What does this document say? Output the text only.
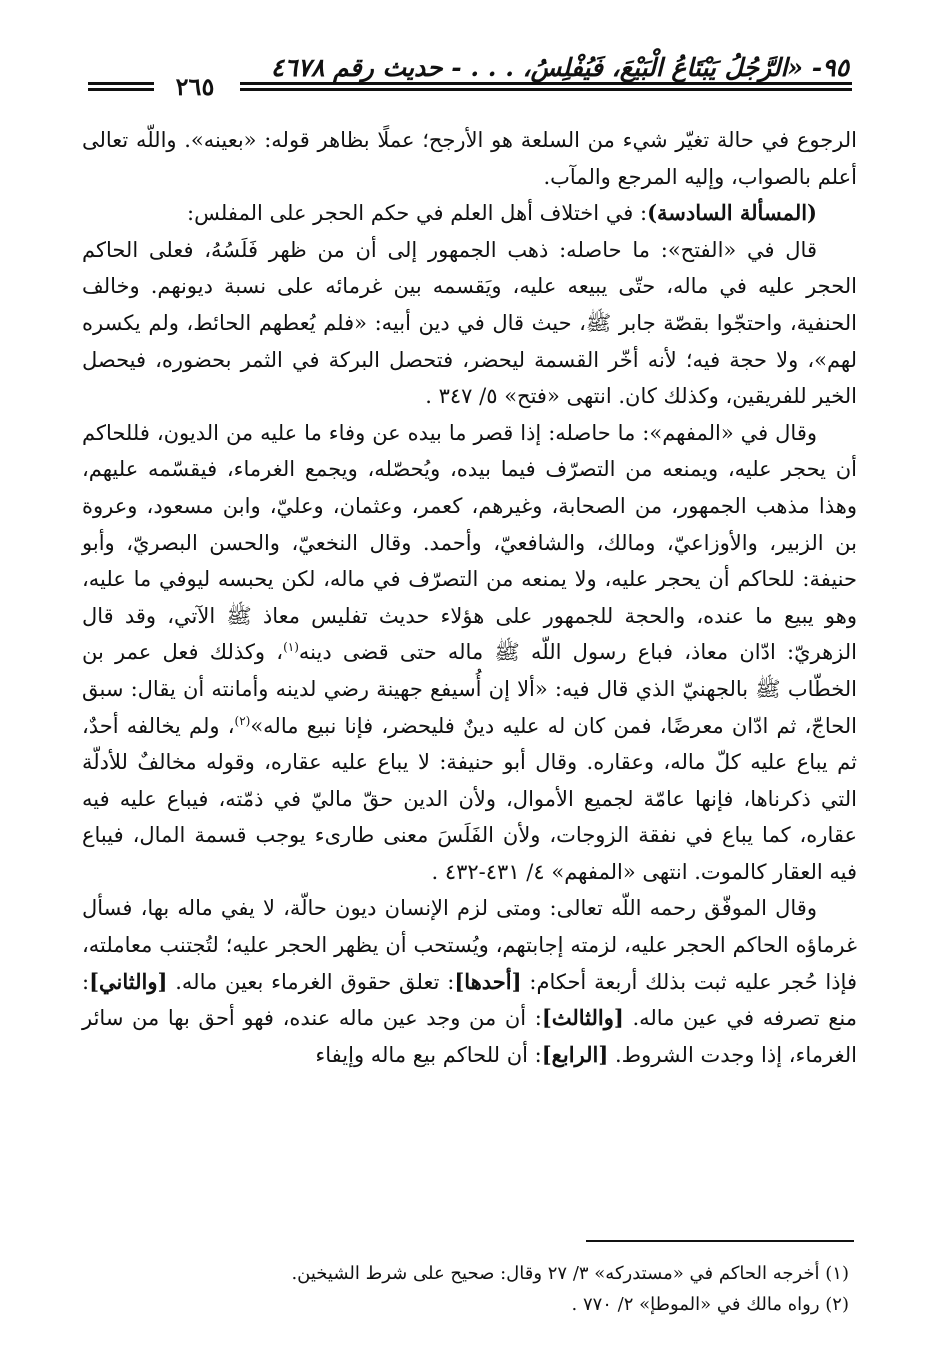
٩٥- «الرَّجُلُ يَبْتَاعُ الْبَيْعَ، فَيُفْلِسُ، . . . - حديث رقم ٤٦٧٨
٢٦٥

الرجوع في حالة تغيّر شيء من السلعة هو الأرجح؛ عملًا بظاهر قوله: «بعينه». واللّه تعالى أعلم بالصواب، وإليه المرجع والمآب.

(المسألة السادسة): في اختلاف أهل العلم في حكم الحجر على المفلس:

قال في «الفتح»: ما حاصله: ذهب الجمهور إلى أن من ظهر فَلَسُهُ، فعلى الحاكم الحجر عليه في ماله، حتّى يبيعه عليه، ويَقسمه بين غرمائه على نسبة ديونهم. وخالف الحنفية، واحتجّوا بقصّة جابر ﷺ، حيث قال في دين أبيه: «فلم يُعطهم الحائط، ولم يكسره لهم»، ولا حجة فيه؛ لأنه أخّر القسمة ليحضر، فتحصل البركة في الثمر بحضوره، فيحصل الخير للفريقين، وكذلك كان. انتهى «فتح» ٥/ ٣٤٧ .

وقال في «المفهم»: ما حاصله: إذا قصر ما بيده عن وفاء ما عليه من الديون، فللحاكم أن يحجر عليه، ويمنعه من التصرّف فيما بيده، ويُحصّله، ويجمع الغرماء، فيقسّمه عليهم، وهذا مذهب الجمهور، من الصحابة، وغيرهم، كعمر، وعثمان، وعليّ، وابن مسعود، وعروة بن الزبير، والأوزاعيّ، ومالك، والشافعيّ، وأحمد. وقال النخعيّ، والحسن البصريّ، وأبو حنيفة: للحاكم أن يحجر عليه، ولا يمنعه من التصرّف في ماله، لكن يحبسه ليوفي ما عليه، وهو يبيع ما عنده، والحجة للجمهور على هؤلاء حديث تفليس معاذ ﷺ الآتي، وقد قال الزهريّ: ادّان معاذ، فباع رسول اللّه ﷺ ماله حتى قضى دينه$^{(١)}$، وكذلك فعل عمر بن الخطّاب ﷺ بالجهنيّ الذي قال فيه: «ألا إن أُسيفع جهينة رضي لدينه وأمانته أن يقال: سبق الحاجّ، ثم ادّان معرضًا، فمن كان له عليه دينٌ فليحضر، فإنا نبيع ماله»$^{(٢)}$، ولم يخالفه أحدٌ، ثم يباع عليه كلّ ماله، وعقاره. وقال أبو حنيفة: لا يباع عليه عقاره، وقوله مخالفٌ للأدلّة التي ذكرناها، فإنها عامّة لجميع الأموال، ولأن الدين حقّ ماليّ في ذمّته، فيباع عليه فيه عقاره، كما يباع في نفقة الزوجات، ولأن الفَلَسَ معنى طارىء يوجب قسمة المال، فيباع فيه العقار كالموت. انتهى «المفهم» ٤/ ٤٣١-٤٣٢ .

وقال الموفّق رحمه اللّه تعالى: ومتى لزم الإنسان ديون حالّة، لا يفي ماله بها، فسأل غرماؤه الحاكم الحجر عليه، لزمته إجابتهم، ويُستحب أن يظهر الحجر عليه؛ لتُجتنب معاملته، فإذا حُجر عليه ثبت بذلك أربعة أحكام: [أحدها]: تعلق حقوق الغرماء بعين ماله. [والثاني]: منع تصرفه في عين ماله. [والثالث]: أن من وجد عين ماله عنده، فهو أحق بها من سائر الغرماء، إذا وجدت الشروط. [الرابع]: أن للحاكم بيع ماله وإيفاء

(١) أخرجه الحاكم في «مستدركه» ٣/ ٢٧ وقال: صحيح على شرط الشيخين.

(٢) رواه مالك في «الموطإ» ٢/ ٧٧٠ .
